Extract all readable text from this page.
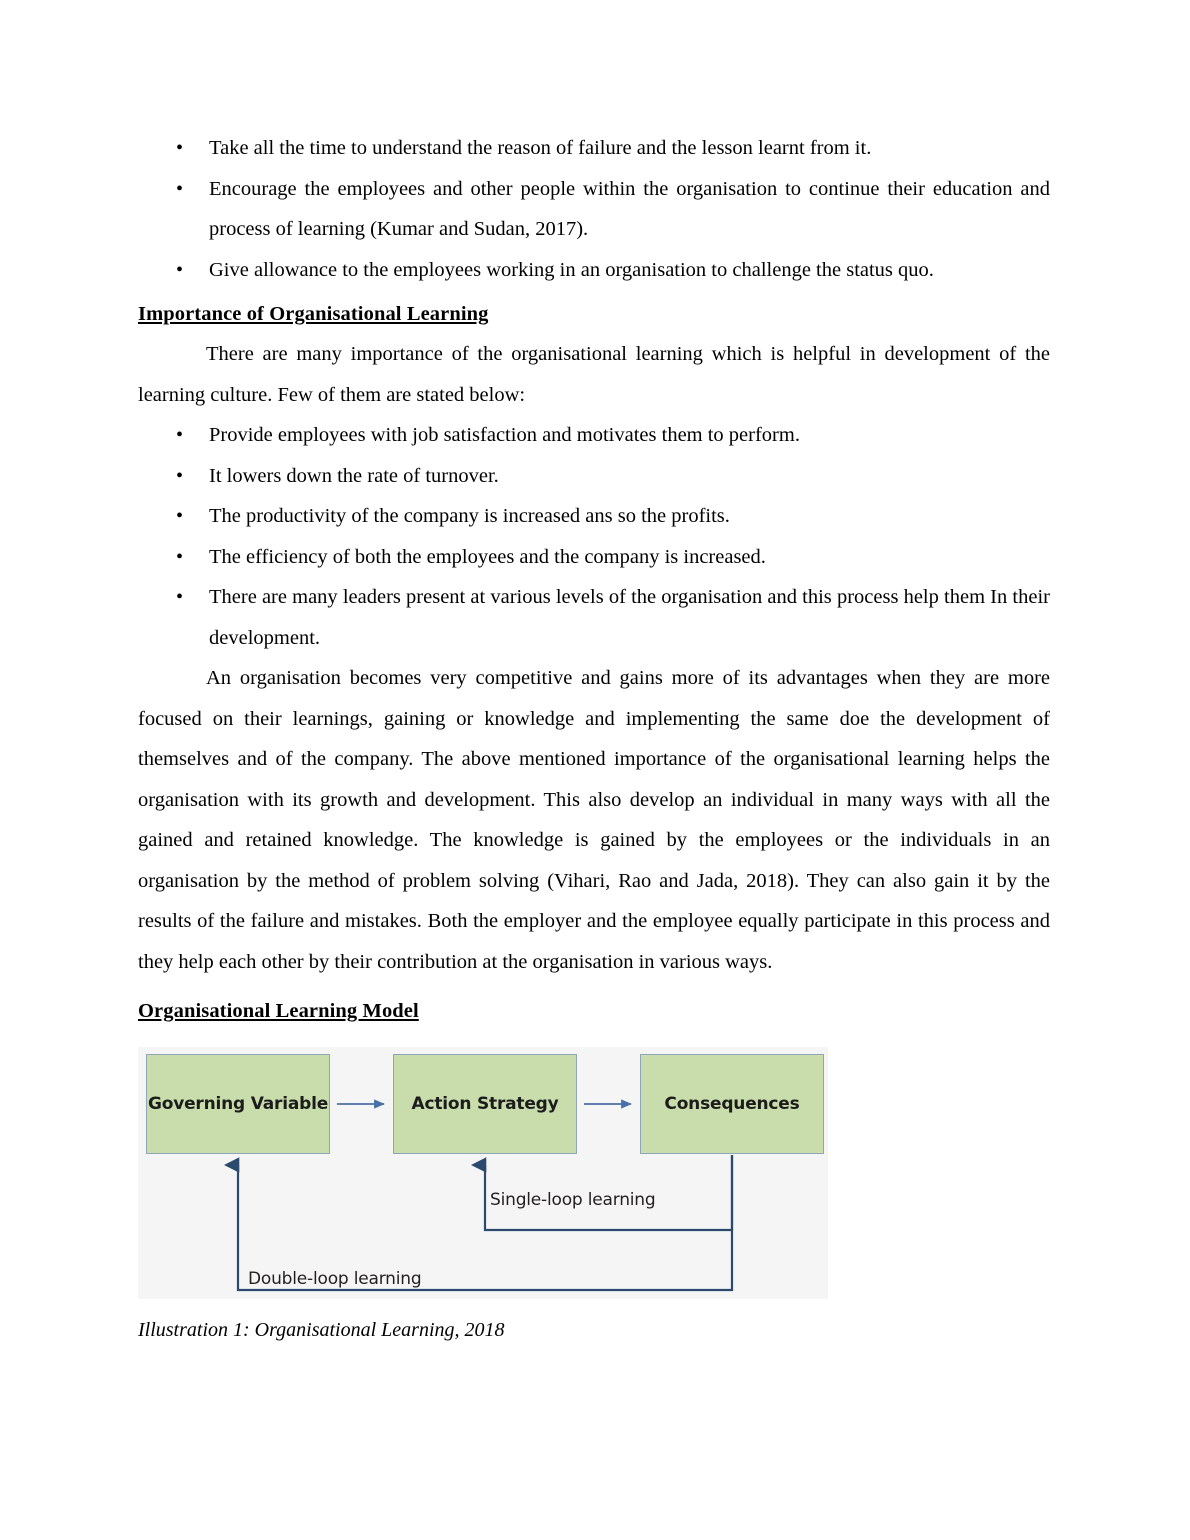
• Take all the time to understand the reason of failure and the lesson learnt from it.
• Encourage the employees and other people within the organisation to continue their education and process of learning (Kumar and Sudan, 2017).
• Give allowance to the employees working in an organisation to challenge the status quo.
Importance of Organisational Learning

There are many importance of the organisational learning which is helpful in development of the learning culture. Few of them are stated below:

• Provide employees with job satisfaction and motivates them to perform.
• It lowers down the rate of turnover.
• The productivity of the company is increased ans so the profits.
• The efficiency of both the employees and the company is increased.
• There are many leaders present at various levels of the organisation and this process help them In their development.

An organisation becomes very competitive and gains more of its advantages when they are more focused on their learnings, gaining or knowledge and implementing the same doe the development of themselves and of the company. The above mentioned importance of the organisational learning helps the organisation with its growth and development. This also develop an individual in many ways with all the gained and retained knowledge. The knowledge is gained by the employees or the individuals in an organisation by the method of problem solving (Vihari, Rao and Jada, 2018). They can also gain it by the results of the failure and mistakes. Both the employer and the employee equally participate in this process and they help each other by their contribution at the organisation in various ways.

Organisational Learning Model
Governing Variable	Action Strategy	Consequences
Single-loop learning
Double-loop learning
Illustration 1: Organisational Learning, 2018
